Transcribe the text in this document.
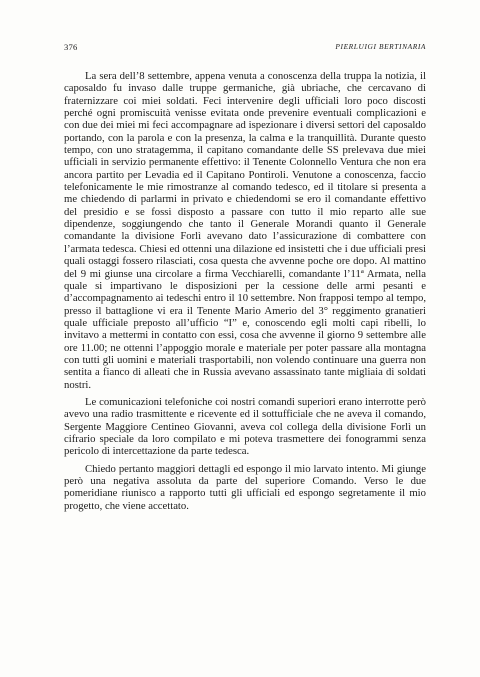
376	PIERLUIGI BERTINARIA

La sera dell’8 settembre, appena venuta a conoscenza della truppa la notizia, il caposaldo fu invaso dalle truppe germaniche, già ubriache, che cercavano di fraternizzare coi miei soldati. Feci intervenire degli ufficiali loro poco discosti perché ogni promiscuità venisse evitata onde prevenire eventuali complicazioni e con due dei miei mi feci accompagnare ad ispezionare i diversi settori del caposaldo portando, con la parola e con la presenza, la calma e la tranquillità. Durante questo tempo, con uno stratagemma, il capitano comandante delle SS prelevava due miei ufficiali in servizio permanente effettivo: il Tenente Colonnello Ventura che non era ancora partito per Levadia ed il Capitano Pontiroli. Venutone a conoscenza, faccio telefonicamente le mie rimostranze al comando tedesco, ed il titolare si presenta a me chiedendo di parlarmi in privato e chiedendomi se ero il comandante effettivo del presidio e se fossi disposto a passare con tutto il mio reparto alle sue dipendenze, soggiungendo che tanto il Generale Morandi quanto il Generale comandante la divisione Forlì avevano dato l’assicurazione di combattere con l’armata tedesca. Chiesi ed ottenni una dilazione ed insistetti che i due ufficiali presi quali ostaggi fossero rilasciati, cosa questa che avvenne poche ore dopo. Al mattino del 9 mi giunse una circolare a firma Vecchiarelli, comandante l’11ª Armata, nella quale si impartivano le disposizioni per la cessione delle armi pesanti e d’accompagnamento ai tedeschi entro il 10 settembre. Non frapposi tempo al tempo, presso il battaglione vi era il Tenente Mario Amerio del 3° reggimento granatieri quale ufficiale preposto all’ufficio “I” e, conoscendo egli molti capi ribelli, lo invitavo a mettermi in contatto con essi, cosa che avvenne il giorno 9 settembre alle ore 11.00; ne ottenni l’appoggio morale e materiale per poter passare alla montagna con tutti gli uomini e materiali trasportabili, non volendo continuare una guerra non sentita a fianco di alleati che in Russia avevano assassinato tante migliaia di soldati nostri.

Le comunicazioni telefoniche coi nostri comandi superiori erano interrotte però avevo una radio trasmittente e ricevente ed il sottufficiale che ne aveva il comando, Sergente Maggiore Centineo Giovanni, aveva col collega della divisione Forlì un cifrario speciale da loro compilato e mi poteva trasmettere dei fonogrammi senza pericolo di intercettazione da parte tedesca.

Chiedo pertanto maggiori dettagli ed espongo il mio larvato intento. Mi giunge però una negativa assoluta da parte del superiore Comando. Verso le due pomeridiane riunisco a rapporto tutti gli ufficiali ed espongo segretamente il mio progetto, che viene accettato.
